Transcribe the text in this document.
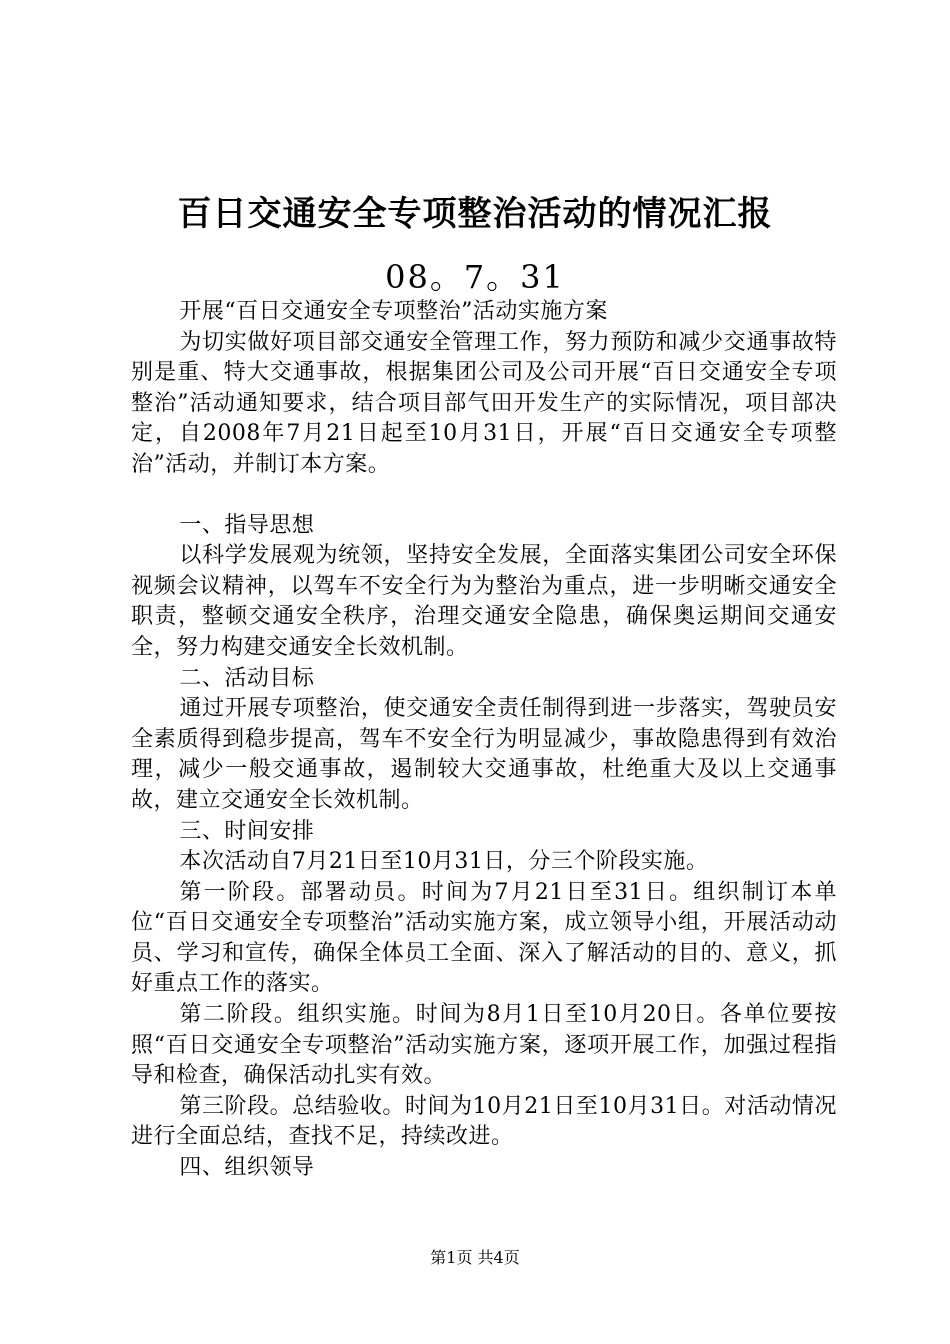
百日交通安全专项整治活动的情况汇报
08。7。31

开展“百日交通安全专项整治”活动实施方案

为切实做好项目部交通安全管理工作，努力预防和减少交通事故特别是重、特大交通事故，根据集团公司及公司开展“百日交通安全专项整治”活动通知要求，结合项目部气田开发生产的实际情况，项目部决定，自2008年7月21日起至10月31日，开展“百日交通安全专项整治”活动，并制订本方案。

一、指导思想

以科学发展观为统领，坚持安全发展，全面落实集团公司安全环保视频会议精神，以驾车不安全行为为整治为重点，进一步明晰交通安全职责，整顿交通安全秩序，治理交通安全隐患，确保奥运期间交通安全，努力构建交通安全长效机制。

二、活动目标

通过开展专项整治，使交通安全责任制得到进一步落实，驾驶员安全素质得到稳步提高，驾车不安全行为明显减少，事故隐患得到有效治理，减少一般交通事故，遏制较大交通事故，杜绝重大及以上交通事故，建立交通安全长效机制。

三、时间安排

本次活动自7月21日至10月31日，分三个阶段实施。

第一阶段。部署动员。时间为7月21日至31日。组织制订本单位“百日交通安全专项整治”活动实施方案，成立领导小组，开展活动动员、学习和宣传，确保全体员工全面、深入了解活动的目的、意义，抓好重点工作的落实。

第二阶段。组织实施。时间为8月1日至10月20日。各单位要按照“百日交通安全专项整治”活动实施方案，逐项开展工作，加强过程指导和检查，确保活动扎实有效。

第三阶段。总结验收。时间为10月21日至10月31日。对活动情况进行全面总结，查找不足，持续改进。

四、组织领导

第1页 共4页
